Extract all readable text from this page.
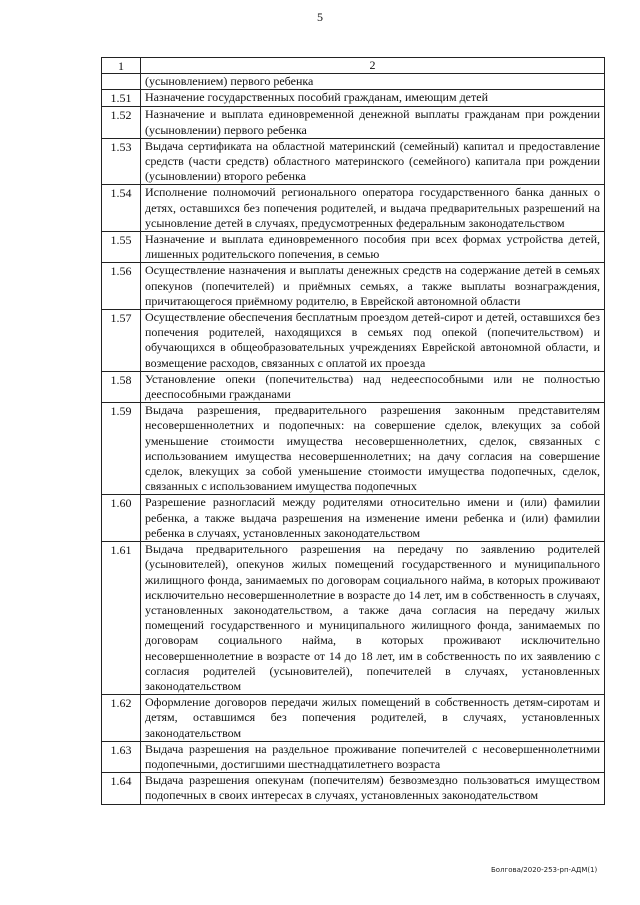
5
1	2
	(усыновлением) первого ребенка
1.51	Назначение государственных пособий гражданам, имеющим детей
1.52	Назначение и выплата единовременной денежной выплаты гражданам при рождении (усыновлении) первого ребенка
1.53	Выдача сертификата на областной материнский (семейный) капитал и предоставление средств (части средств) областного материнского (семейного) капитала при рождении (усыновлении) второго ребенка
1.54	Исполнение полномочий регионального оператора государственного банка данных о детях, оставшихся без попечения родителей, и выдача предварительных разрешений на усыновление детей в случаях, предусмотренных федеральным законодательством
1.55	Назначение и выплата единовременного пособия при всех формах устройства детей, лишенных родительского попечения, в семью
1.56	Осуществление назначения и выплаты денежных средств на содержание детей в семьях опекунов (попечителей) и приёмных семьях, а также выплаты вознаграждения, причитающегося приёмному родителю, в Еврейской автономной области
1.57	Осуществление обеспечения бесплатным проездом детей-сирот и детей, оставшихся без попечения родителей, находящихся в семьях под опекой (попечительством) и обучающихся в общеобразовательных учреждениях Еврейской автономной области, и возмещение расходов, связанных с оплатой их проезда
1.58	Установление опеки (попечительства) над недееспособными или не полностью дееспособными гражданами
1.59	Выдача разрешения, предварительного разрешения законным представителям несовершеннолетних и подопечных: на совершение сделок, влекущих за собой уменьшение стоимости имущества несовершеннолетних, сделок, связанных с использованием имущества несовершеннолетних; на дачу согласия на совершение сделок, влекущих за собой уменьшение стоимости имущества подопечных, сделок, связанных с использованием имущества подопечных
1.60	Разрешение разногласий между родителями относительно имени и (или) фамилии ребенка, а также выдача разрешения на изменение имени ребенка и (или) фамилии ребенка в случаях, установленных законодательством
1.61	Выдача предварительного разрешения на передачу по заявлению родителей (усыновителей), опекунов жилых помещений государственного и муниципального жилищного фонда, занимаемых по договорам социального найма, в которых проживают исключительно несовершеннолетние в возрасте до 14 лет, им в собственность в случаях, установленных законодательством, а также дача согласия на передачу жилых помещений государственного и муниципального жилищного фонда, занимаемых по договорам социального найма, в которых проживают исключительно несовершеннолетние в возрасте от 14 до 18 лет, им в собственность по их заявлению с согласия родителей (усыновителей), попечителей в случаях, установленных законодательством
1.62	Оформление договоров передачи жилых помещений в собственность детям-сиротам и детям, оставшимся без попечения родителей, в случаях, установленных законодательством
1.63	Выдача разрешения на раздельное проживание попечителей с несовершеннолетними подопечными, достигшими шестнадцатилетнего возраста
1.64	Выдача разрешения опекунам (попечителям) безвозмездно пользоваться имуществом подопечных в своих интересах в случаях, установленных законодательством
Болгова/2020-253-рп-АДМ(1)
